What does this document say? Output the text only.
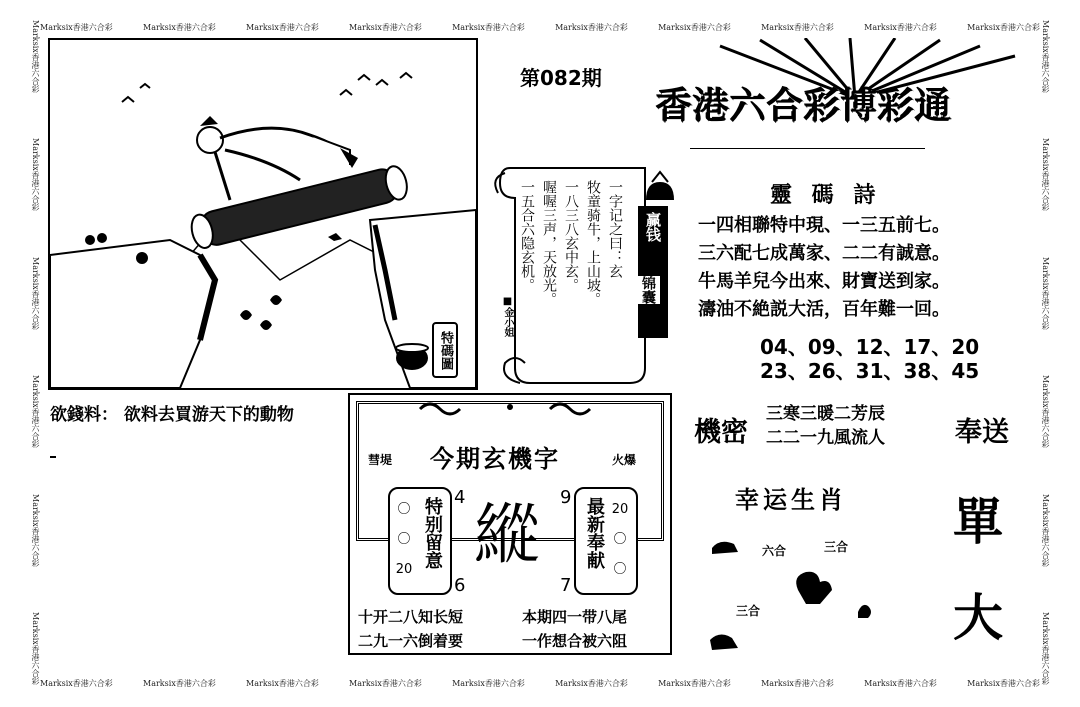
Marksix香港六合彩	Marksix香港六合彩	Marksix香港六合彩	Marksix香港六合彩	Marksix香港六合彩	Marksix香港六合彩	Marksix香港六合彩	Marksix香港六合彩	Marksix香港六合彩	Marksix香港六合彩
Marksix香港六合彩	Marksix香港六合彩	Marksix香港六合彩	Marksix香港六合彩	Marksix香港六合彩	Marksix香港六合彩	Marksix香港六合彩	Marksix香港六合彩	Marksix香港六合彩	Marksix香港六合彩
Marksix香港六合彩
Marksix香港六合彩
Marksix香港六合彩
Marksix香港六合彩
Marksix香港六合彩
Marksix香港六合彩
Marksix香港六合彩
Marksix香港六合彩
Marksix香港六合彩
Marksix香港六合彩
Marksix香港六合彩
Marksix香港六合彩
特碼圖
欲錢料： 欲料去買游天下的動物
第082期
香港六合彩博彩通
一字记之曰：玄
牧童骑牛，上山坡。
一八三八玄中玄。
喔喔三声，天放光。
一五合六隐玄机。
■金小姐
赢钱
锦囊
靈 碼 詩
一四相聯特中現、一三五前七。
三六配七成萬家、二二有誠意。
牛馬羊兒今出來、財寶送到家。
濤油不絶説大活，百年難一回。
04、09、12、17、20
23、26、31、38、45
機密
三寒三暖二芳辰
二二一九風流人	奉送
彗堤 今期玄機字	火爆
〇
〇
20
特别留意	最新奉献 20
〇
〇
4	9
6	7
縱
十开二八知长短
二九一六倒着要
本期四一带八尾
一作想合被六阻
幸运生肖
六合	三合
三合
單
大
